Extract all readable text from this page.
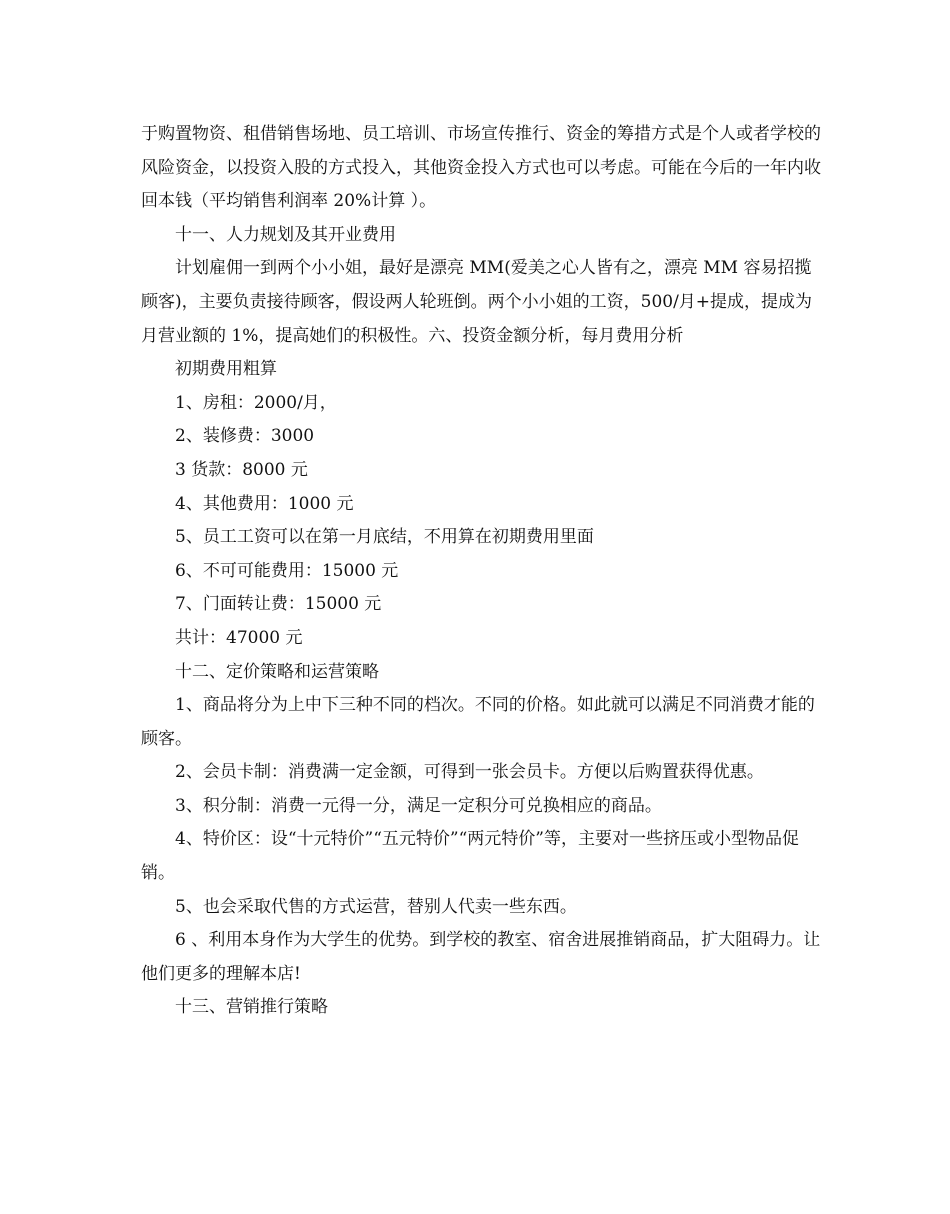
于购置物资、租借销售场地、员工培训、市场宣传推行、资金的筹措方式是个人或者学校的风险资金，以投资入股的方式投入，其他资金投入方式也可以考虑。可能在今后的一年内收回本钱（平均销售利润率 20%计算 ）。

十一、人力规划及其开业费用

计划雇佣一到两个小小姐，最好是漂亮 MM(爱美之心人皆有之，漂亮 MM 容易招揽顾客)，主要负责接待顾客，假设两人轮班倒。两个小小姐的工资，500/月+提成，提成为月营业额的 1%，提高她们的积极性。六、投资金额分析，每月费用分析

初期费用粗算

1、房租：2000/月，

2、装修费：3000

3 货款：8000 元

4、其他费用：1000 元

5、员工工资可以在第一月底结，不用算在初期费用里面

6、不可可能费用：15000 元

7、门面转让费：15000 元

共计：47000 元

十二、定价策略和运营策略

1、商品将分为上中下三种不同的档次。不同的价格。如此就可以满足不同消费才能的顾客。

2、会员卡制：消费满一定金额，可得到一张会员卡。方便以后购置获得优惠。

3、积分制：消费一元得一分，满足一定积分可兑换相应的商品。

4、特价区：设“十元特价”“五元特价”“两元特价”等，主要对一些挤压或小型物品促销。

5、也会采取代售的方式运营，替别人代卖一些东西。

6 、利用本身作为大学生的优势。到学校的教室、宿舍进展推销商品，扩大阻碍力。让他们更多的理解本店!

十三、营销推行策略
